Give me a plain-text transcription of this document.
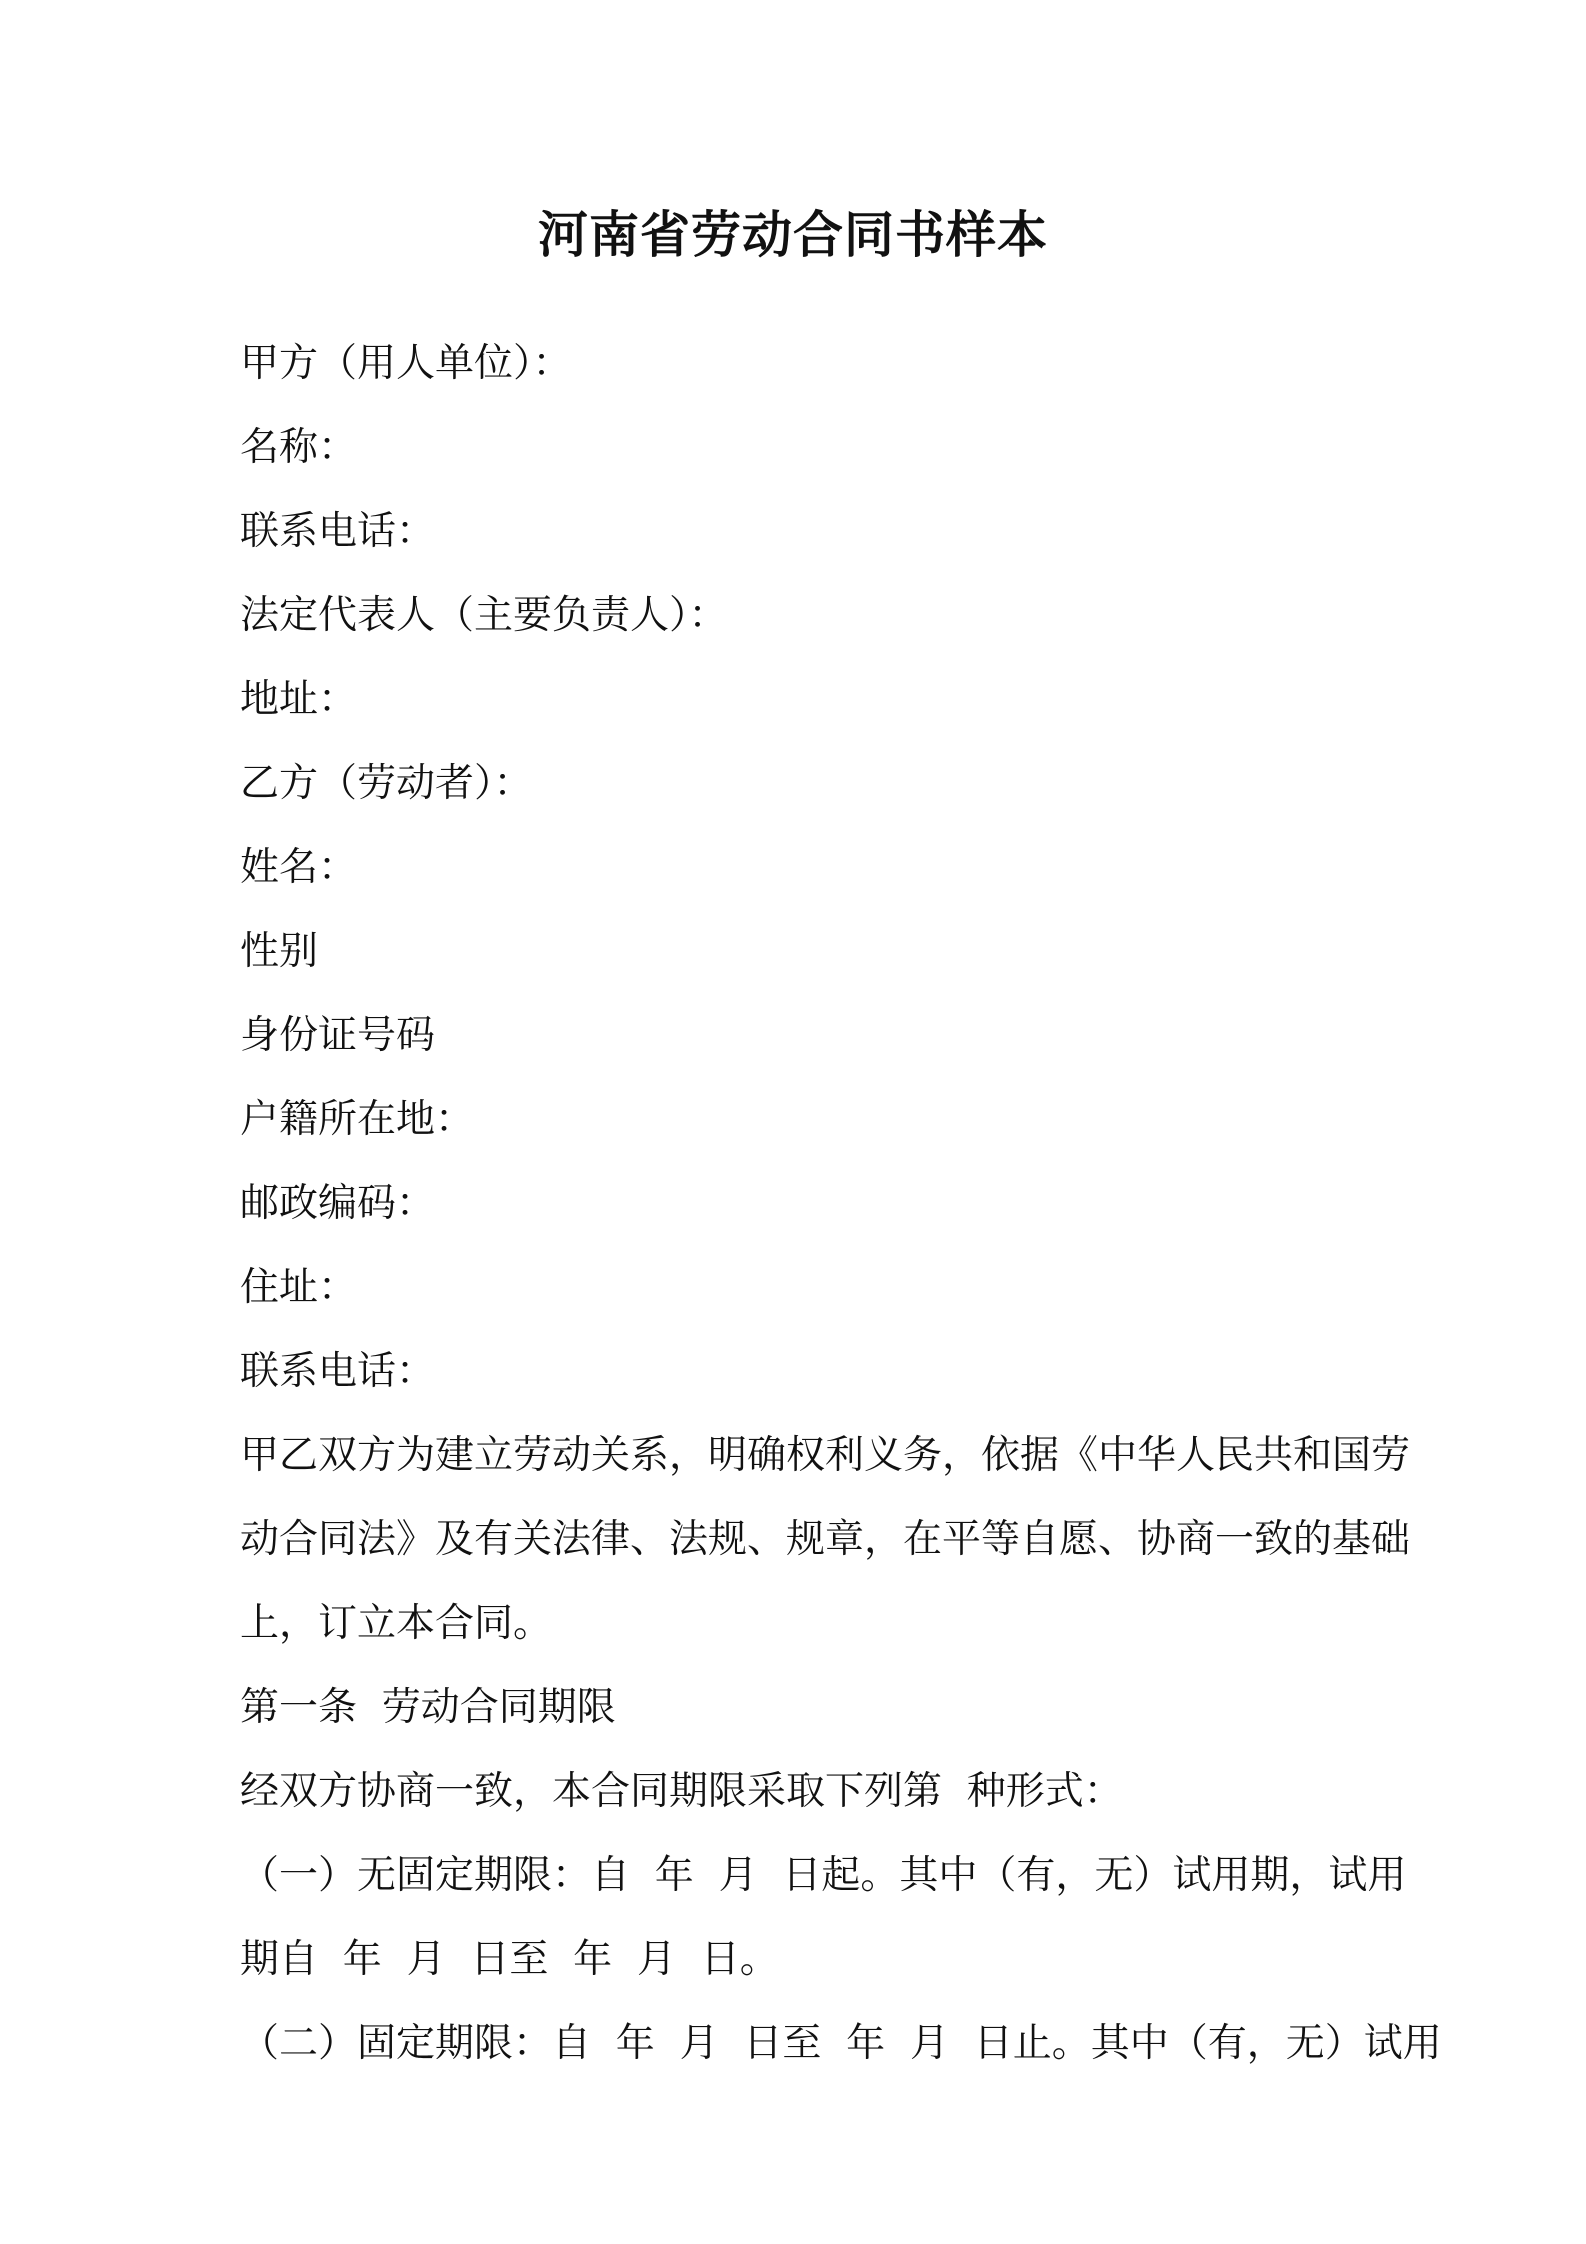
河南省劳动合同书样本

甲方（用人单位）：

名称：

联系电话：

法定代表人（主要负责人）：

地址：

乙方（劳动者）：

姓名：

性别

身份证号码

户籍所在地：

邮政编码：

住址：

联系电话：

甲乙双方为建立劳动关系，明确权利义务，依据《中华人民共和国劳

动合同法》及有关法律、法规、规章，在平等自愿、协商一致的基础

上，订立本合同。

第一条  劳动合同期限

经双方协商一致，本合同期限采取下列第  种形式：

（一）无固定期限：自  年  月  日起。其中（有，无）试用期，试用

期自  年  月  日至  年  月  日。

（二）固定期限：自  年  月  日至  年  月  日止。其中（有，无）试用
